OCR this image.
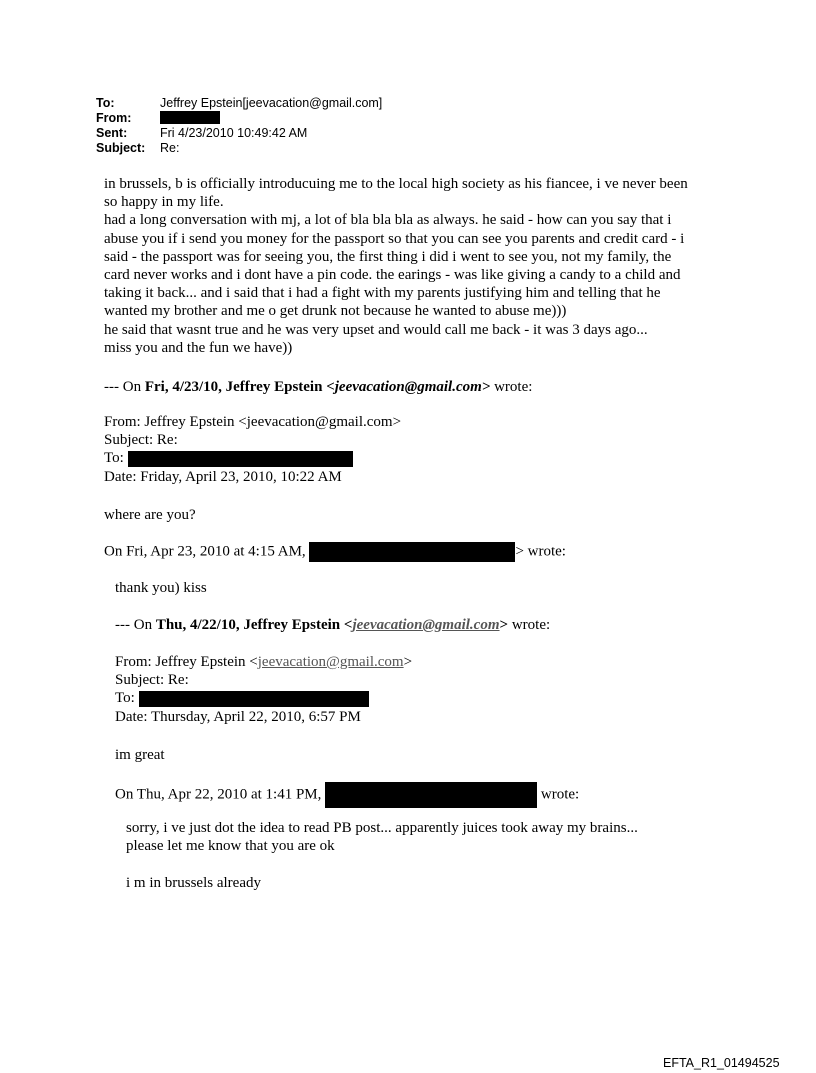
To:	Jeffrey Epstein[jeevacation@gmail.com]
From:
Sent:	Fri 4/23/2010 10:49:42 AM
Subject:	Re:
in brussels, b is officially introducuing me to the local high society as his fiancee, i ve never been
so happy in my life.
had a long conversation with mj, a lot of bla bla bla as always. he said - how can you say that i
abuse you if i send you money for the passport so that you can see you parents and credit card - i
said - the passport was for seeing you, the first thing i did i went to see you, not my family, the
card never works and i dont have a pin code. the earings - was like giving a candy to a child and
taking it back... and i said that i had a fight with my parents justifying him and telling that he
wanted my brother and me o get drunk not because he wanted to abuse me)))
he said that wasnt true and he was very upset and would call me back - it was 3 days ago...
miss you and the fun we have))
--- On Fri, 4/23/10, Jeffrey Epstein <jeevacation@gmail.com> wrote:
From: Jeffrey Epstein <jeevacation@gmail.com>
Subject: Re:
To:
Date: Friday, April 23, 2010, 10:22 AM
where are you?
On Fri, Apr 23, 2010 at 4:15 AM,	> wrote:
thank you) kiss
--- On Thu, 4/22/10, Jeffrey Epstein <jeevacation@gmail.com> wrote:
From: Jeffrey Epstein <jeevacation@gmail.com>
Subject: Re:
To:
Date: Thursday, April 22, 2010, 6:57 PM
im great
On Thu, Apr 22, 2010 at 1:41 PM,	wrote:
sorry, i ve just dot the idea to read PB post... apparently juices took away my brains...
please let me know that you are ok
i m in brussels already
EFTA_R1_01494525
